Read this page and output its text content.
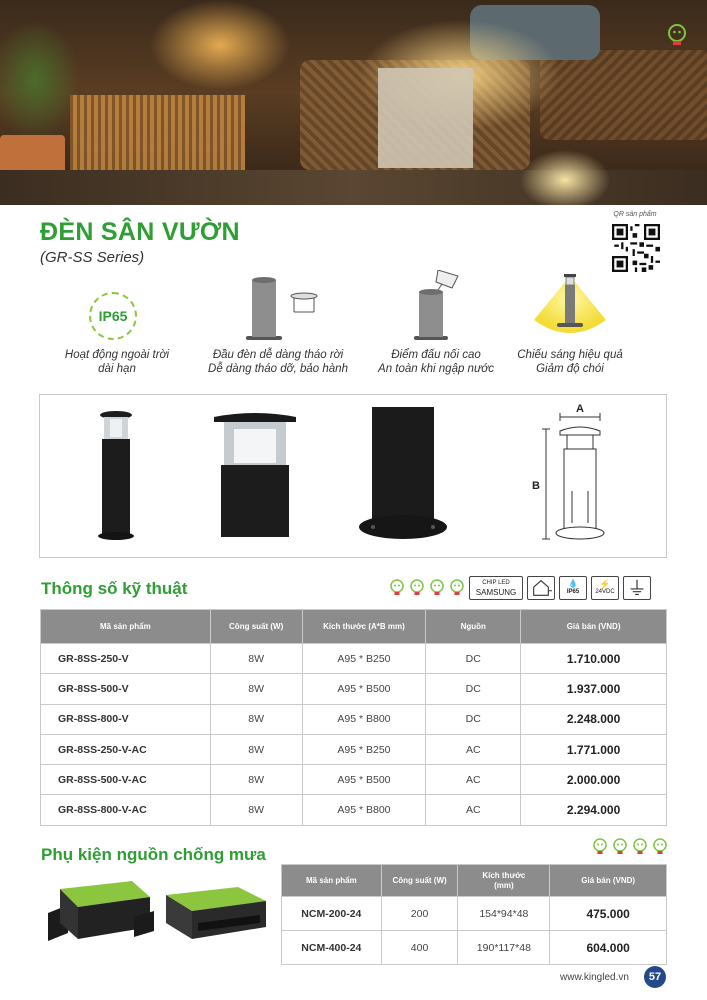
ĐÈN SÂN VƯỜN
(GR-SS Series)
QR sản phẩm
IP65
Hoạt động ngoài trời
dài hạn
Đầu đèn dễ dàng tháo rời
Dễ dàng tháo dỡ, bảo hành
Điểm đấu nối cao
An toàn khi ngập nước
Chiếu sáng hiệu quả
Giảm độ chói
A
B
Thông số kỹ thuật	CHIP LED
SAMSUNG
💧
IP65
⚡
24VDC
Mã sản phẩm	Công suất (W)	Kích thước (A*B mm)	Nguồn	Giá bán (VND)
GR-8SS-250-V	8W	A95 * B250	DC	1.710.000
GR-8SS-500-V	8W	A95 * B500	DC	1.937.000
GR-8SS-800-V	8W	A95 * B800	DC	2.248.000
GR-8SS-250-V-AC	8W	A95 * B250	AC	1.771.000
GR-8SS-500-V-AC	8W	A95 * B500	AC	2.000.000
GR-8SS-800-V-AC	8W	A95 * B800	AC	2.294.000
Phụ kiện nguồn chống mưa
Mã sản phẩm	Công suất (W)	Kích thước (mm)	Giá bán (VND)
NCM-200-24	200	154*94*48	475.000
NCM-400-24	400	190*117*48	604.000
www.kingled.vn	57
